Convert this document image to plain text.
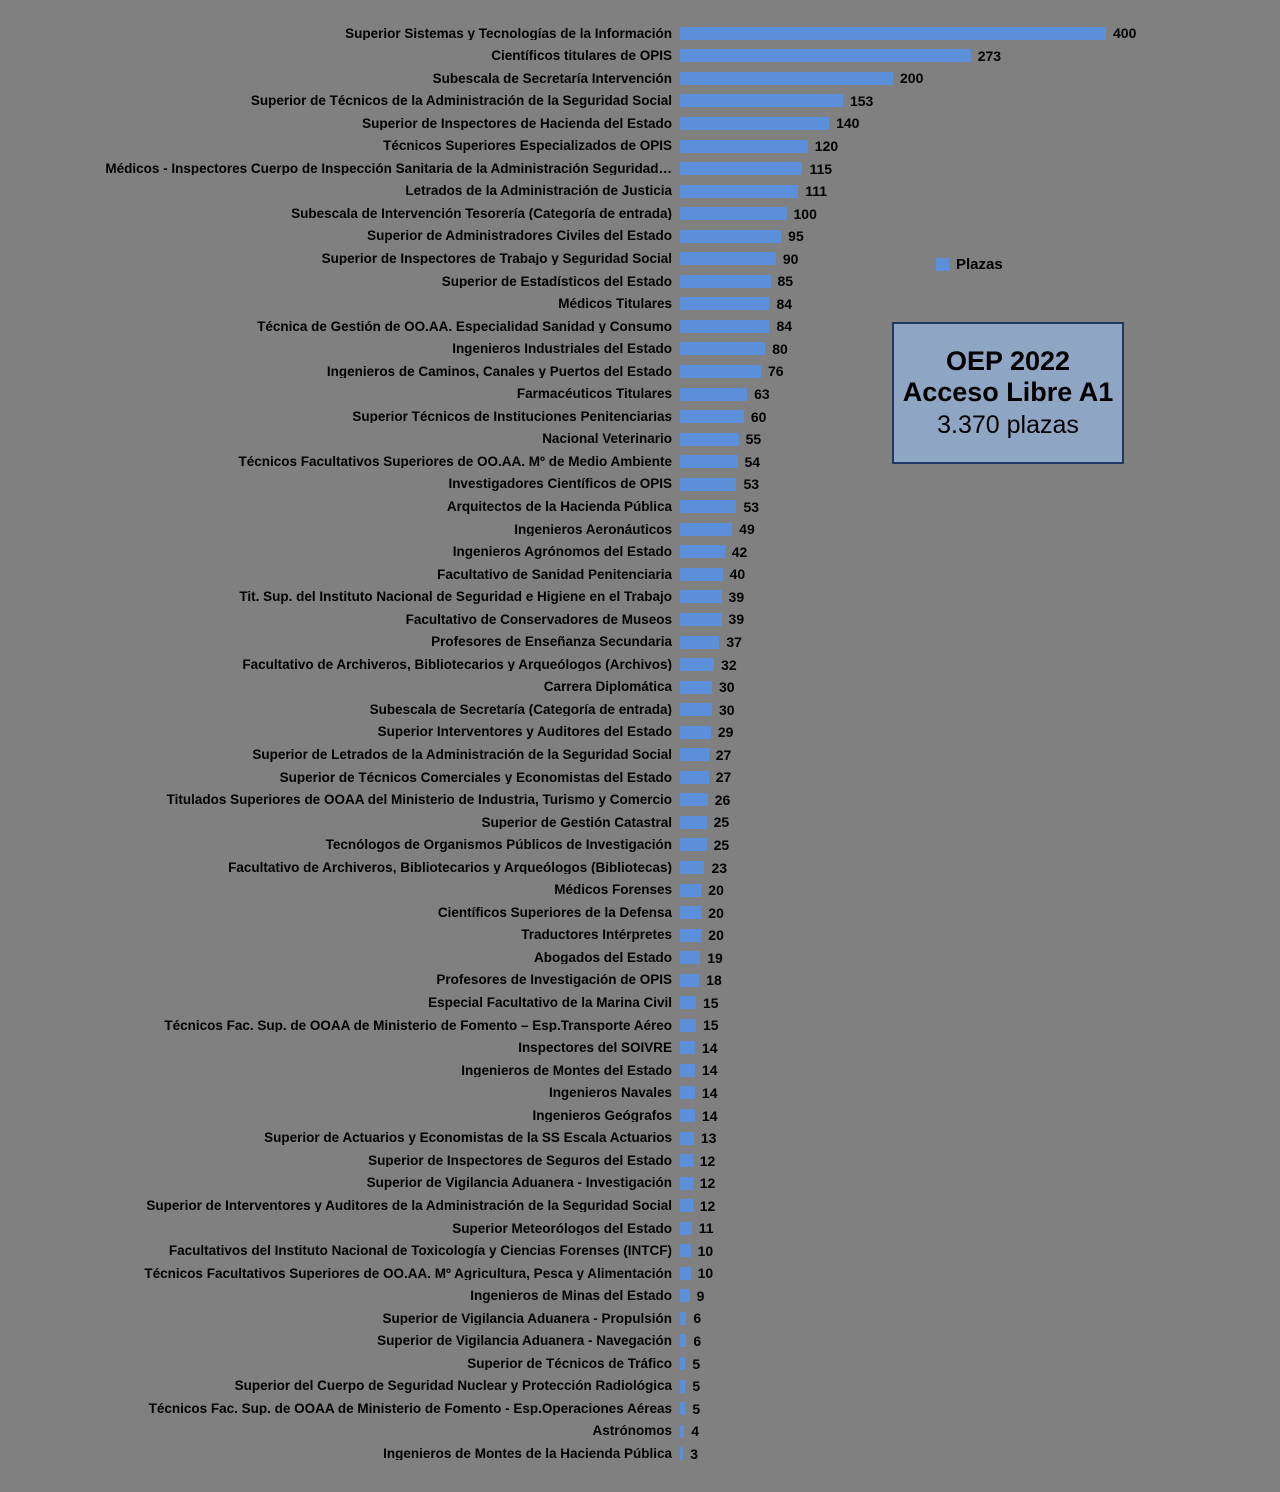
Superior Sistemas y Tecnologías de la Información	400
Científicos titulares de OPIS	273
Subescala de Secretaría Intervención	200
Superior de Técnicos de la Administración de la Seguridad Social	153
Superior de Inspectores de Hacienda del Estado	140
Técnicos Superiores Especializados de OPIS	120
Médicos - Inspectores Cuerpo de Inspección Sanitaria de la Administración Seguridad…	115
Letrados de la Administración de Justicia	111
Subescala de Intervención Tesorería (Categoría de entrada)	100
Superior de Administradores Civiles del Estado	95
Superior de Inspectores de Trabajo y Seguridad Social	90
Superior de Estadísticos del Estado	85
Médicos Titulares	84
Técnica de Gestión de OO.AA. Especialidad Sanidad y Consumo	84
Ingenieros Industriales del Estado	80
Ingenieros de Caminos, Canales y Puertos del Estado	76
Farmacéuticos Titulares	63
Superior Técnicos de Instituciones Penitenciarias	60
Nacional Veterinario	55
Técnicos Facultativos Superiores de OO.AA. Mº de Medio Ambiente	54
Investigadores Científicos de OPIS	53
Arquitectos de la Hacienda Pública	53
Ingenieros Aeronáuticos	49
Ingenieros Agrónomos del Estado	42
Facultativo de Sanidad Penitenciaria	40
Tit. Sup. del Instituto Nacional de Seguridad e Higiene en el Trabajo	39
Facultativo de Conservadores de Museos	39
Profesores de Enseñanza Secundaria	37
Facultativo de Archiveros, Bibliotecarios y Arqueólogos (Archivos)	32
Carrera Diplomática	30
Subescala de Secretaría (Categoría de entrada)	30
Superior Interventores y Auditores del Estado	29
Superior de Letrados de la Administración de la Seguridad Social	27
Superior de Técnicos Comerciales y Economistas del Estado	27
Titulados Superiores de OOAA del Ministerio de Industria, Turismo y Comercio	26
Superior de Gestión Catastral	25
Tecnólogos de Organismos Públicos de Investigación	25
Facultativo de Archiveros, Bibliotecarios y Arqueólogos (Bibliotecas)	23
Médicos Forenses	20
Científicos Superiores de la Defensa	20
Traductores Intérpretes	20
Abogados del Estado	19
Profesores de Investigación de OPIS	18
Especial Facultativo de la Marina Civil	15
Técnicos Fac. Sup. de OOAA de Ministerio de Fomento – Esp.Transporte Aéreo	15
Inspectores del SOIVRE	14
Ingenieros de Montes del Estado	14
Ingenieros Navales	14
Ingenieros Geógrafos	14
Superior de Actuarios y Economistas de la SS Escala Actuarios	13
Superior de Inspectores de Seguros del Estado	12
Superior de Vigilancia Aduanera - Investigación	12
Superior de Interventores y Auditores de la Administración de la Seguridad Social	12
Superior Meteorólogos del Estado	11
Facultativos del Instituto Nacional de Toxicología y Ciencias Forenses (INTCF)	10
Técnicos Facultativos Superiores de OO.AA. Mº Agricultura, Pesca y Alimentación	10
Ingenieros de Minas del Estado	9
Superior de Vigilancia Aduanera - Propulsión	6
Superior de Vigilancia Aduanera - Navegación	6
Superior de Técnicos de Tráfico	5
Superior del Cuerpo de Seguridad Nuclear y Protección Radiológica	5
Técnicos Fac. Sup. de OOAA de Ministerio de Fomento - Esp.Operaciones Aéreas	5
Astrónomos	4
Ingenieros de Montes de la Hacienda Pública	3
Plazas
OEP 2022
Acceso Libre A1
3.370 plazas
